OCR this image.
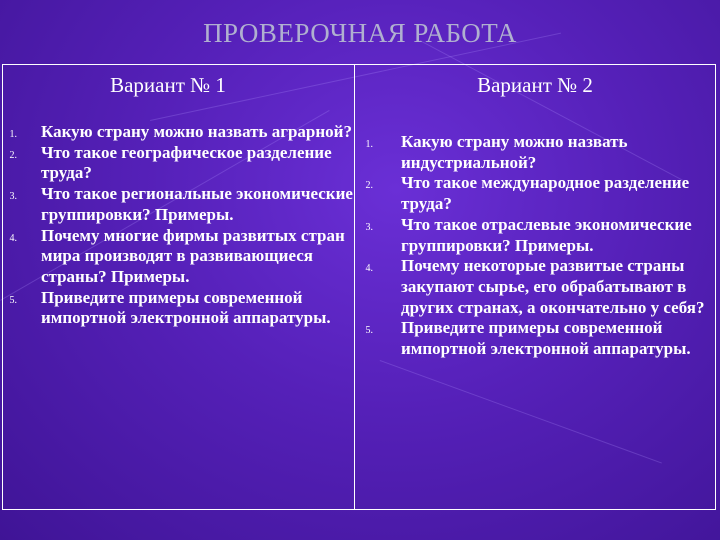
ПРОВЕРОЧНАЯ РАБОТА
Вариант № 1
1. Какую страну можно назвать аграрной?
2. Что такое географическое разделение труда?
3. Что такое региональные экономические группировки? Примеры.
4. Почему многие фирмы развитых стран мира производят в развивающиеся страны? Примеры.
5. Приведите примеры современной импортной электронной аппаратуры.
Вариант № 2
1. Какую страну можно назвать индустриальной?
2. Что такое международное разделение труда?
3. Что такое отраслевые экономические группировки? Примеры.
4. Почему некоторые развитые страны закупают сырье, его обрабатывают в других странах, а окончательно у себя?
5. Приведите примеры современной импортной электронной аппаратуры.
